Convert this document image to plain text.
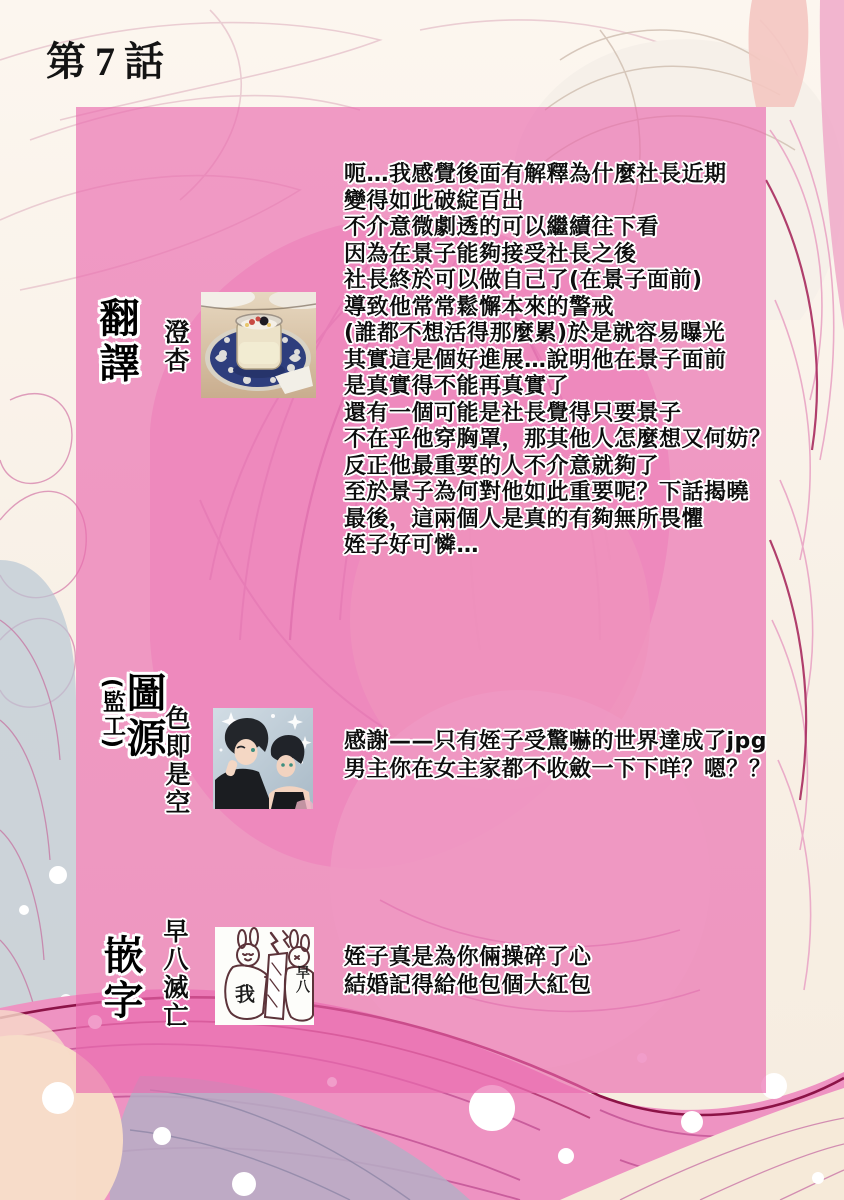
第7話
翻譯 澄杏
呃…我感覺後面有解釋為什麼社長近期
變得如此破綻百出
不介意微劇透的可以繼續往下看
因為在景子能夠接受社長之後
社長終於可以做自己了(在景子面前)
導致他常常鬆懈本來的警戒
(誰都不想活得那麼累)於是就容易曝光
其實這是個好進展…說明他在景子面前
是真實得不能再真實了
還有一個可能是社長覺得只要景子
不在乎他穿胸罩，那其他人怎麼想又何妨？
反正他最重要的人不介意就夠了
至於景子為何對他如此重要呢？下話揭曉
最後，這兩個人是真的有夠無所畏懼
姪子好可憐…
圖源
(監工) 色即是空	感謝——只有姪子受驚嚇的世界達成了jpg
男主你在女主家都不收斂一下下咩？嗯？？
嵌字 早八滅亡 我
早八
姪子真是為你倆操碎了心
結婚記得給他包個大紅包
